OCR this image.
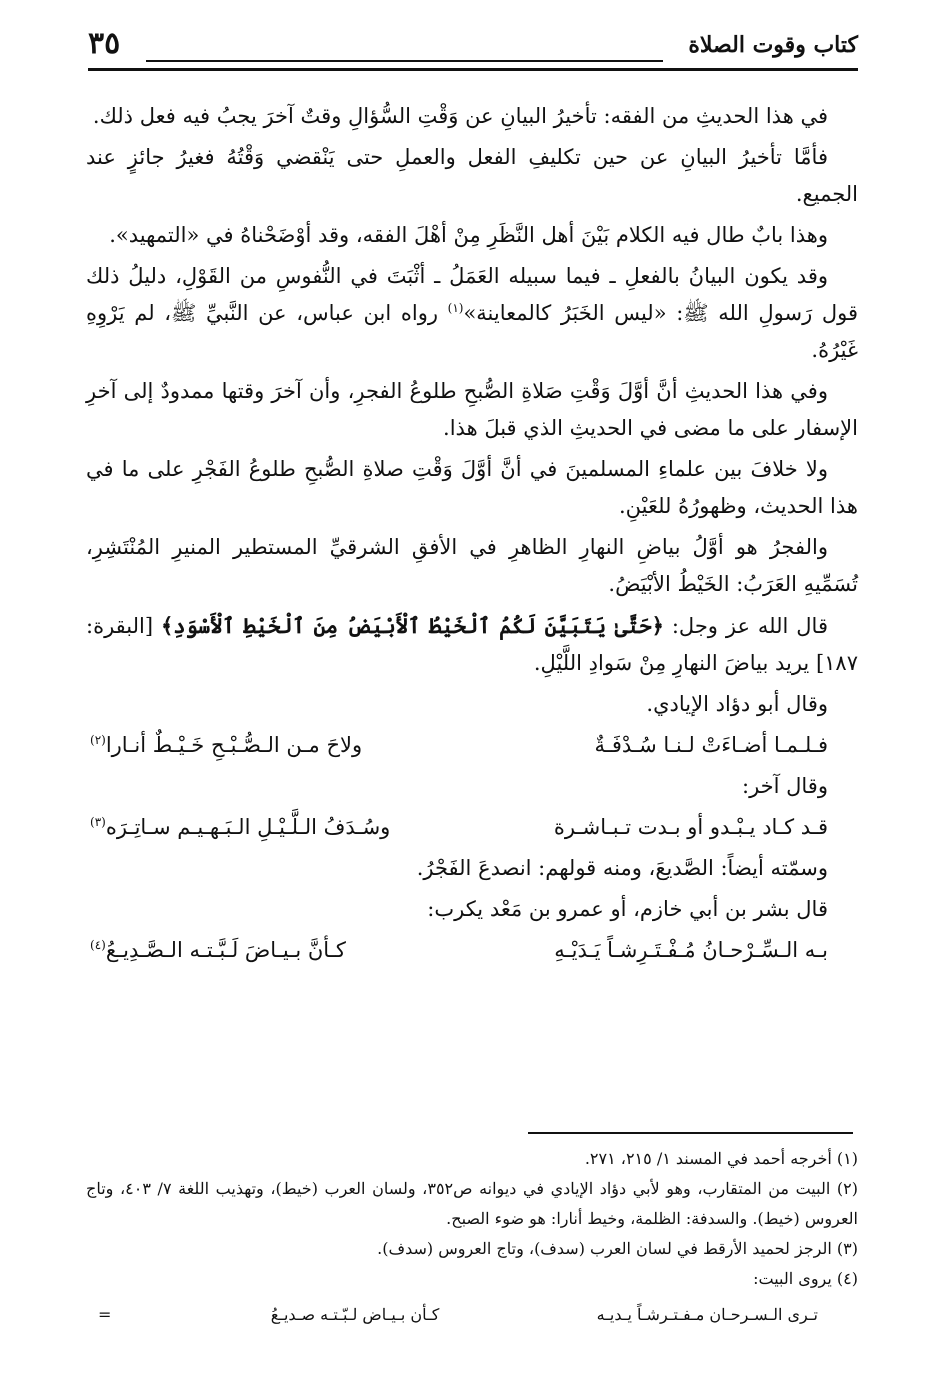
كتاب وقوت الصلاة
٣٥

في هذا الحديثِ من الفقه: تأخيرُ البيانِ عن وَقْتِ السُّؤالِ وقتٌ آخرَ يجبُ فيه فعل ذلك.

فأمَّا تأخيرُ البيانِ عن حين تكليفِ الفعل والعملِ حتى يَنْقضي وَقْتُهُ فغيرُ جائزٍ عند الجميع.

وهذا بابٌ طال فيه الكلام بَيْنَ أهل النَّظَرِ مِنْ أهْلَ الفقه، وقد أوْضَحْناهُ في «التمهيد».

وقد يكون البيانُ بالفعلِ ـ فيما سبيله العَمَلُ ـ أثْبَتَ في النُّفوسِ من القَوْلِ، دليلُ ذلك قول رَسولِ الله ﷺ: «ليس الخَبَرُ كالمعاينة»$^{(١)}$ رواه ابن عباس، عن النَّبيِّ ﷺ، لم يَرْوِهِ غَيْرُهُ.

وفي هذا الحديثِ أنَّ أوَّلَ وَقْتِ صَلاةِ الصُّبحِ طلوعُ الفجرِ، وأن آخرَ وقتها ممدودٌ إلى آخرِ الإسفار على ما مضى في الحديثِ الذي قبلَ هذا.

ولا خلافَ بين علماءِ المسلمينَ في أنَّ أوَّلَ وَقْتِ صلاةِ الصُّبحِ طلوعُ الفَجْرِ على ما في هذا الحديث، وظهورُهُ للعَيْنِ.

والفجرُ هو أوَّلُ بياضِ النهارِ الظاهرِ في الأفقِ الشرقيِّ المستطير المنيرِ المُنْتَشِرِ، تُسَمِّيهِ العَرَبُ: الخَيْطُ الأبْيَضُ.

قال الله عز وجل: ﴿حَتَّىٰ يَتَبَيَّنَ لَكُمُ ٱلْخَيْطُ ٱلْأَبْيَضُ مِنَ ٱلْخَيْطِ ٱلْأَسْوَدِ﴾ [البقرة: ١٨٧] يريد بياضَ النهارِ مِنْ سَوادِ اللَّيْلِ.

وقال أبو دؤاد الإيادي.

فـلـمـا أضـاءَتْ لـنـا سُـدْفَـةٌ
ولاحَ مـن الـصُّـبْـحِ خَـيْـطٌ أنـارا$^{(٢)}$

وقال آخر:

قـد كـاد يـبْـدو أو بـدت تـبـاشـرة
وسُـدَفُ الـلَّـيْـلِ الـبَـهـيـم سـاتِـرَه$^{(٣)}$

وسمّته أيضاً: الصَّديعَ، ومنه قولهم: انصدعَ الفَجْرُ.

قال بشر بن أبي خازم، أو عمرو بن مَعْد يكرب:

بـه الـسِّـرْحـانُ مُـفْـتَـرِشـاً يَـدَيْـهِ
كـأنَّ بـيـاضَ لَـبَّـتـه الـصَّـدِيـعُ$^{(٤)}$

(١) أخرجه أحمد في المسند ١/ ٢١٥، ٢٧١.

(٢) البيت من المتقارب، وهو لأبي دؤاد الإيادي في ديوانه ص٣٥٢، ولسان العرب (خيط)، وتهذيب اللغة ٧/ ٤٠٣، وتاج العروس (خيط). والسدفة: الظلمة، وخيط أنارا: هو ضوء الصبح.

(٣) الرجز لحميد الأرقط في لسان العرب (سدف)، وتاج العروس (سدف).

(٤) يروى البيت:

تـرى الـسـرحـان مـفـتـرشـاً يـديـه
كـأن بـيـاض لـبّـتـه صـديـعُ
=
